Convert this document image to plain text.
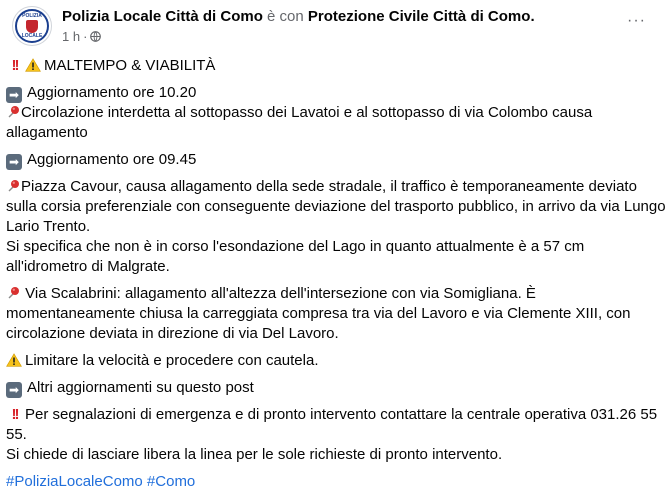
POLIZIA
LOCALE
Polizia Locale Città di Como è con Protezione Civile Città di Como.
1 h ·
···
!! MALTEMPO & VIABILITÀ
➡ Aggiornamento ore 10.20
Circolazione interdetta al sottopasso dei Lavatoi e al sottopasso di via Colombo causa
allagamento
➡ Aggiornamento ore 09.45
Piazza Cavour, causa allagamento della sede stradale, il traffico è temporaneamente deviato
sulla corsia preferenziale con conseguente deviazione del trasporto pubblico, in arrivo da via Lungo
Lario Trento.
Si specifica che non è in corso l'esondazione del Lago in quanto attualmente è a 57 cm
all'idrometro di Malgrate.
Via Scalabrini: allagamento all'altezza dell'intersezione con via Somigliana. È
momentaneamente chiusa la carreggiata compresa tra via del Lavoro e via Clemente XIII, con
circolazione deviata in direzione di via Del Lavoro.
Limitare la velocità e procedere con cautela.
➡ Altri aggiornamenti su questo post
!! Per segnalazioni di emergenza e di pronto intervento contattare la centrale operativa 031.26 55
55.
Si chiede di lasciare libera la linea per le sole richieste di pronto intervento.
#PoliziaLocaleComo #Como
